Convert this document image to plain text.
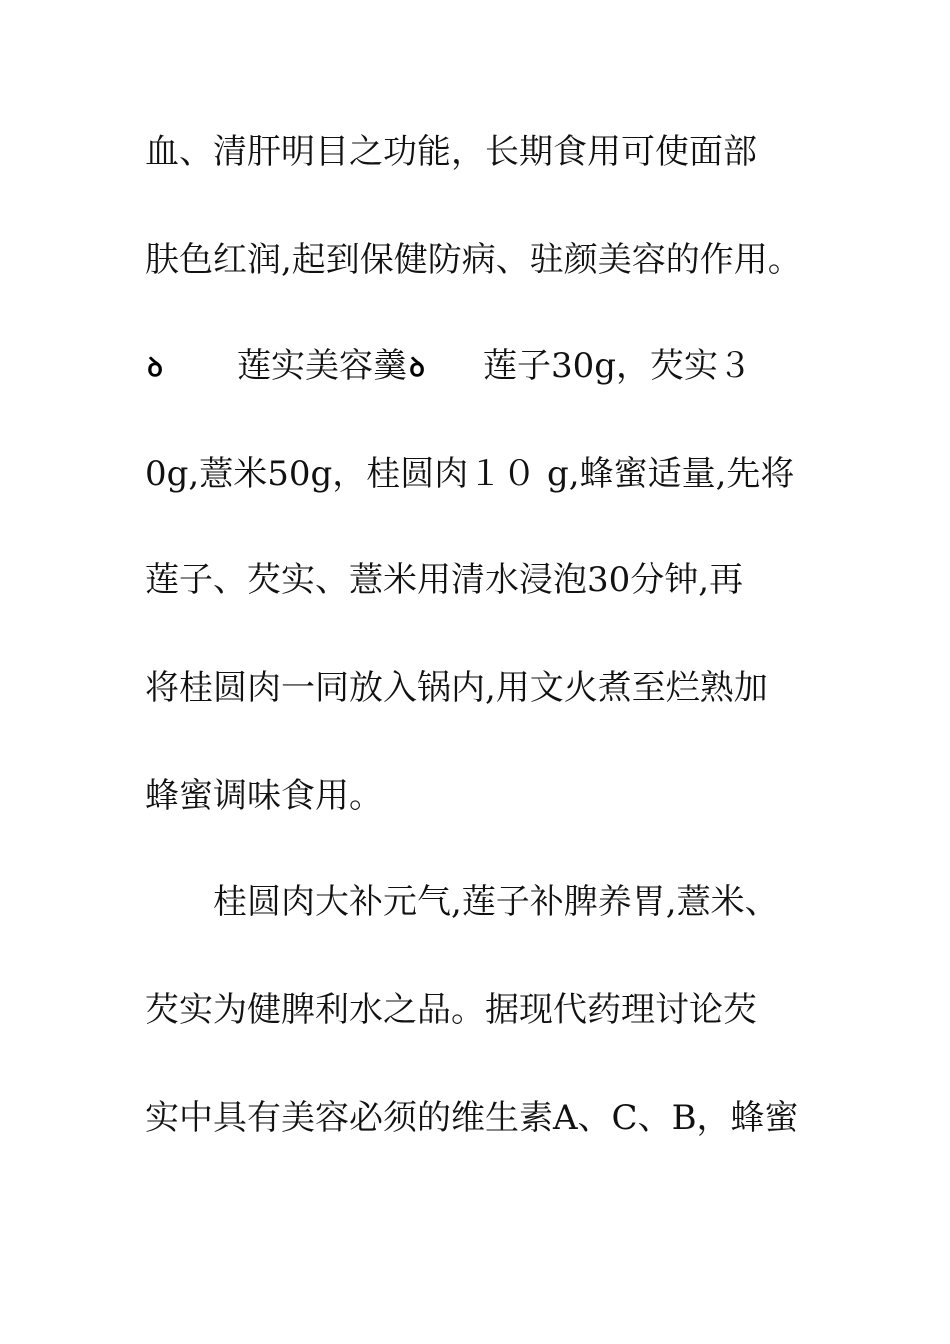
血、清肝明目之功能，长期食用可使面部
肤色红润,起到保健防病、驻颜美容的作用。
ꝺ 莲实美容羹ꝺ 莲子30g，芡实３
0g,薏米50g，桂圆肉１０ g,蜂蜜适量,先将
莲子、芡实、薏米用清水浸泡30分钟,再
将桂圆肉一同放入锅内,用文火煮至烂熟加
蜂蜜调味食用。
桂圆肉大补元气,莲子补脾养胃,薏米、
芡实为健脾利水之品。据现代药理讨论芡
实中具有美容必须的维生素A、C、B，蜂蜜
